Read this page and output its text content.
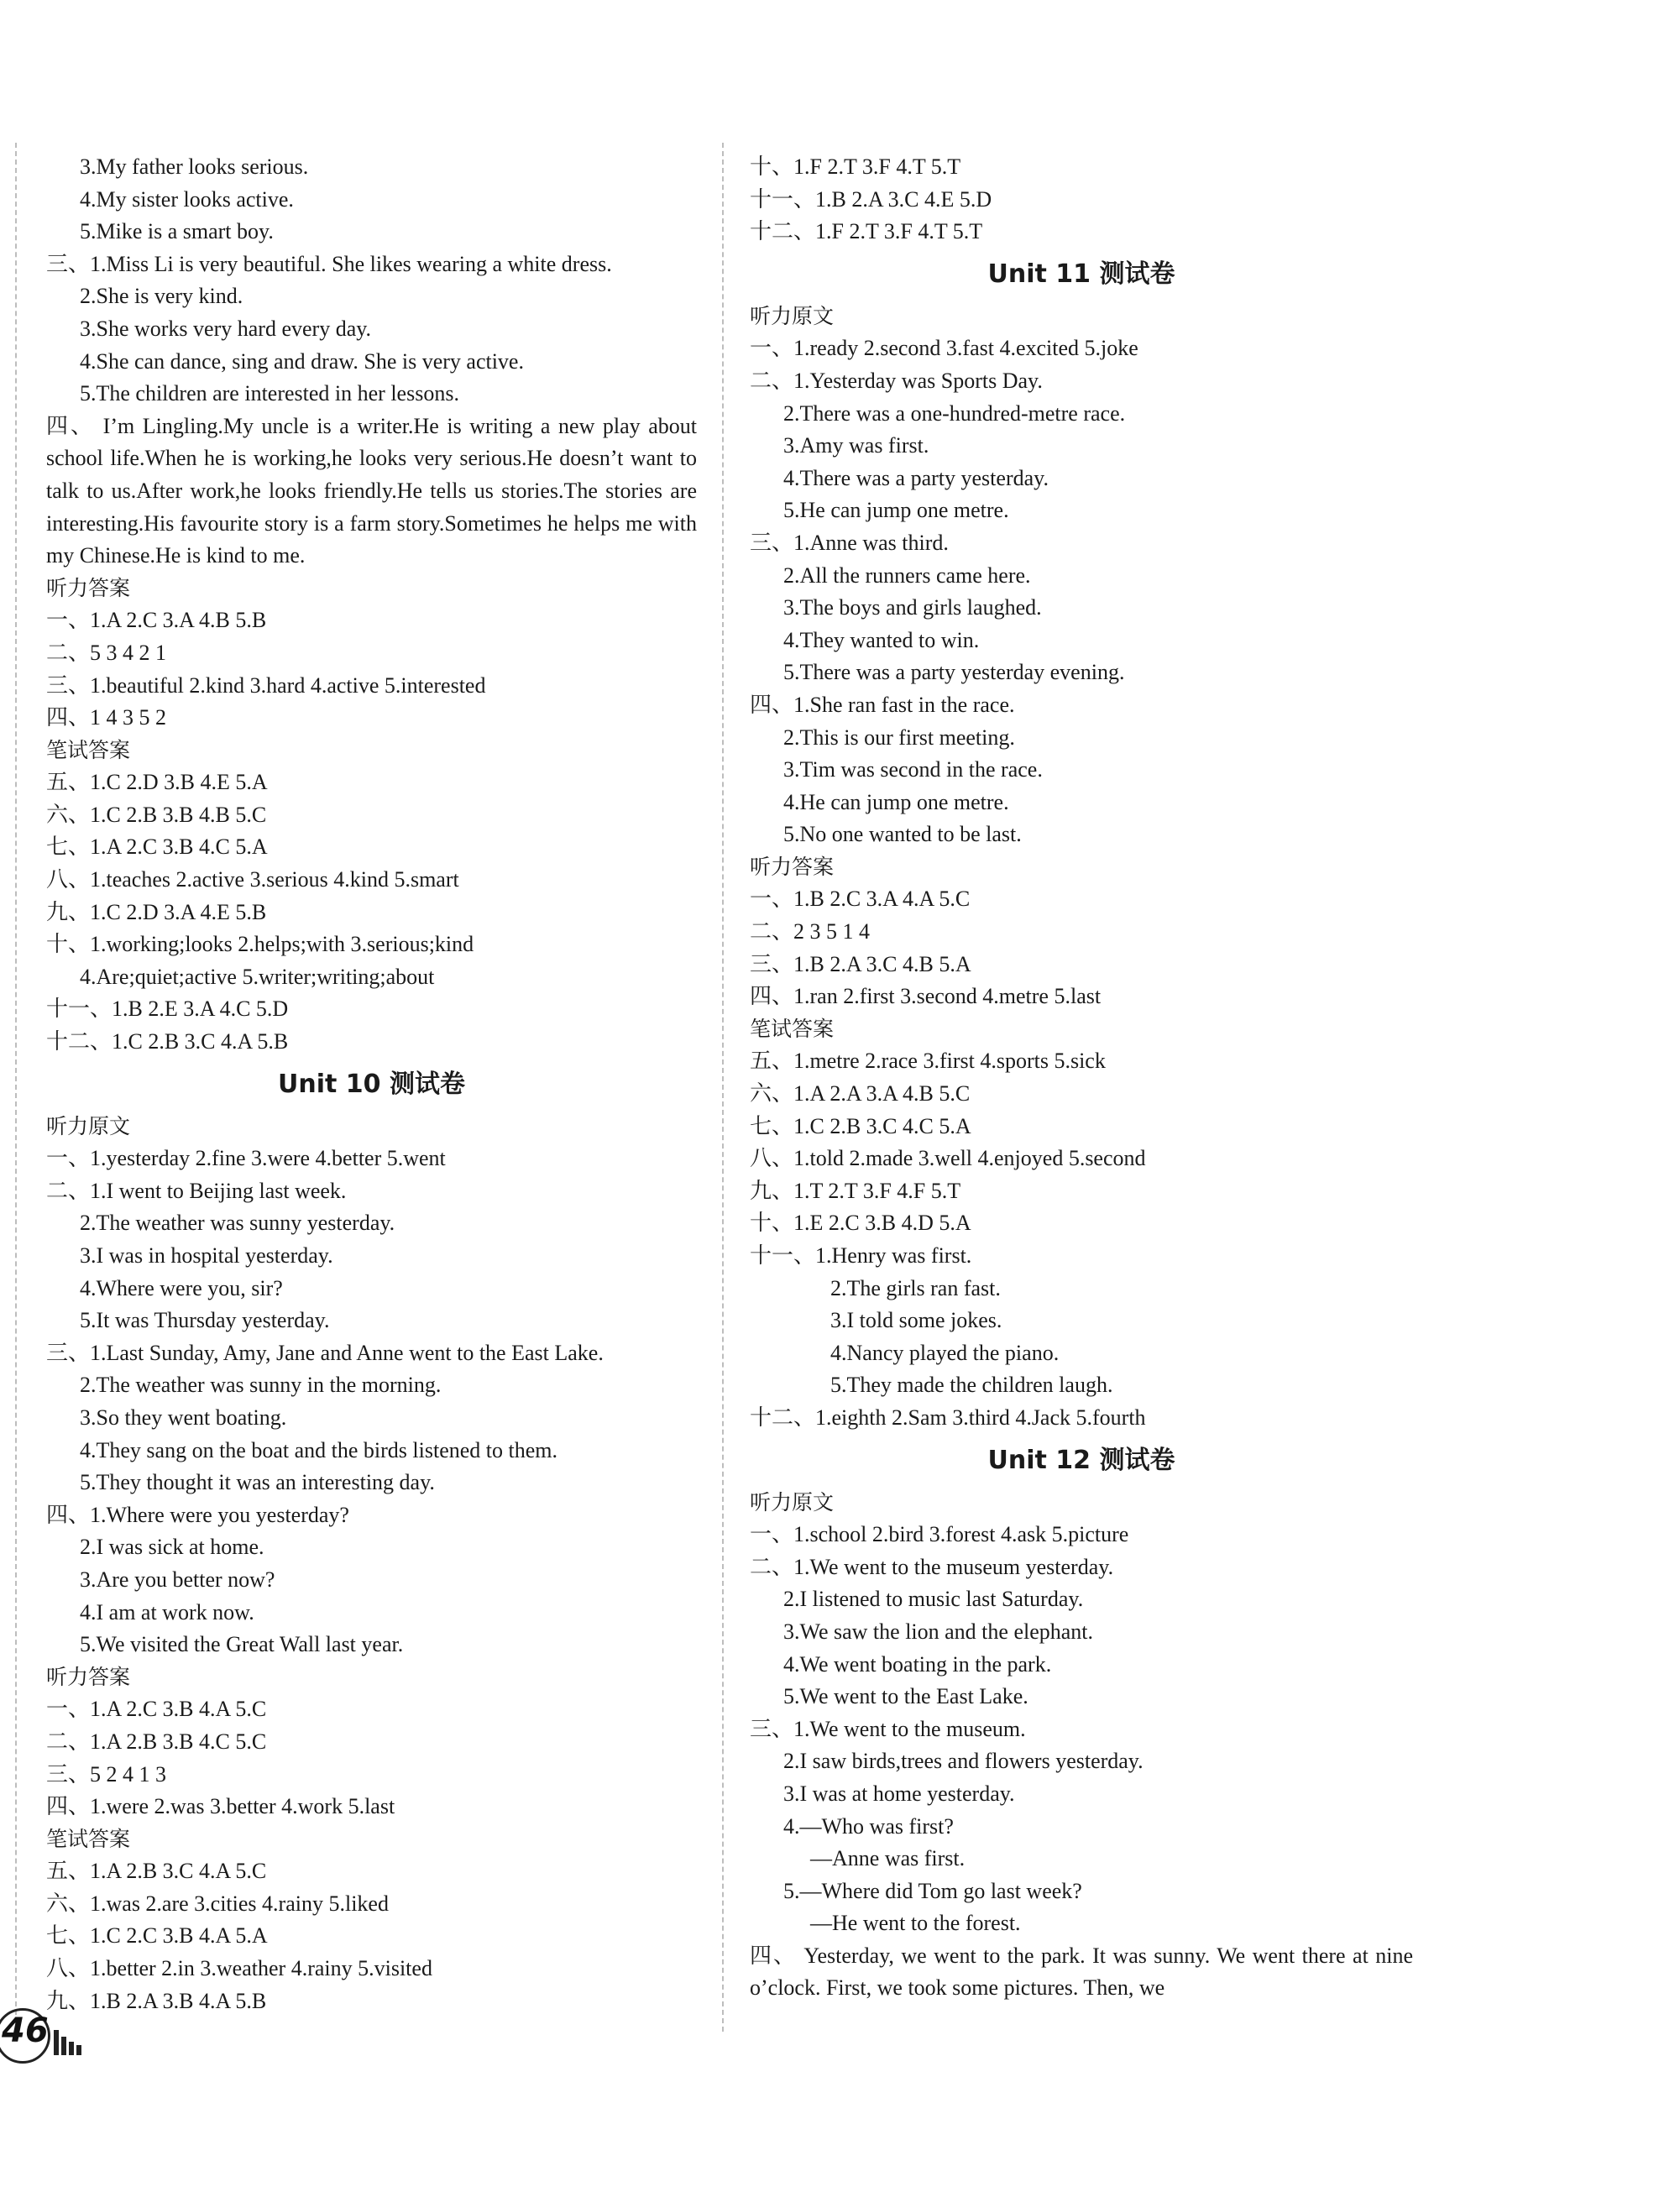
3.My father looks serious.
4.My sister looks active.
5.Mike is a smart boy.
三、1.Miss Li is very beautiful. She likes wearing a white dress.
2.She is very kind.
3.She works very hard every day.
4.She can dance, sing and draw. She is very active.
5.The children are interested in her lessons.
四、 I’m Lingling.My uncle is a writer.He is writing a new play about school life.When he is working,he looks very serious.He doesn’t want to talk to us.After work,he looks friendly.He tells us stories.The stories are interesting.His favourite story is a farm story.Sometimes he helps me with my Chinese.He is kind to me.
听力答案
一、1.A 2.C 3.A 4.B 5.B
二、5 3 4 2 1
三、1.beautiful 2.kind 3.hard 4.active 5.interested
四、1 4 3 5 2
笔试答案
五、1.C 2.D 3.B 4.E 5.A
六、1.C 2.B 3.B 4.B 5.C
七、1.A 2.C 3.B 4.C 5.A
八、1.teaches 2.active 3.serious 4.kind 5.smart
九、1.C 2.D 3.A 4.E 5.B
十、1.working;looks 2.helps;with 3.serious;kind
4.Are;quiet;active 5.writer;writing;about
十一、1.B 2.E 3.A 4.C 5.D
十二、1.C 2.B 3.C 4.A 5.B
Unit 10 测试卷
听力原文
一、1.yesterday 2.fine 3.were 4.better 5.went
二、1.I went to Beijing last week.
2.The weather was sunny yesterday.
3.I was in hospital yesterday.
4.Where were you, sir?
5.It was Thursday yesterday.
三、1.Last Sunday, Amy, Jane and Anne went to the East Lake.
2.The weather was sunny in the morning.
3.So they went boating.
4.They sang on the boat and the birds listened to them.
5.They thought it was an interesting day.
四、1.Where were you yesterday?
2.I was sick at home.
3.Are you better now?
4.I am at work now.
5.We visited the Great Wall last year.
听力答案
一、1.A 2.C 3.B 4.A 5.C
二、1.A 2.B 3.B 4.C 5.C
三、5 2 4 1 3
四、1.were 2.was 3.better 4.work 5.last
笔试答案
五、1.A 2.B 3.C 4.A 5.C
六、1.was 2.are 3.cities 4.rainy 5.liked
七、1.C 2.C 3.B 4.A 5.A
八、1.better 2.in 3.weather 4.rainy 5.visited
九、1.B 2.A 3.B 4.A 5.B
十、1.F 2.T 3.F 4.T 5.T
十一、1.B 2.A 3.C 4.E 5.D
十二、1.F 2.T 3.F 4.T 5.T
Unit 11 测试卷
听力原文
一、1.ready 2.second 3.fast 4.excited 5.joke
二、1.Yesterday was Sports Day.
2.There was a one-hundred-metre race.
3.Amy was first.
4.There was a party yesterday.
5.He can jump one metre.
三、1.Anne was third.
2.All the runners came here.
3.The boys and girls laughed.
4.They wanted to win.
5.There was a party yesterday evening.
四、1.She ran fast in the race.
2.This is our first meeting.
3.Tim was second in the race.
4.He can jump one metre.
5.No one wanted to be last.
听力答案
一、1.B 2.C 3.A 4.A 5.C
二、2 3 5 1 4
三、1.B 2.A 3.C 4.B 5.A
四、1.ran 2.first 3.second 4.metre 5.last
笔试答案
五、1.metre 2.race 3.first 4.sports 5.sick
六、1.A 2.A 3.A 4.B 5.C
七、1.C 2.B 3.C 4.C 5.A
八、1.told 2.made 3.well 4.enjoyed 5.second
九、1.T 2.T 3.F 4.F 5.T
十、1.E 2.C 3.B 4.D 5.A
十一、1.Henry was first.
2.The girls ran fast.
3.I told some jokes.
4.Nancy played the piano.
5.They made the children laugh.
十二、1.eighth 2.Sam 3.third 4.Jack 5.fourth
Unit 12 测试卷
听力原文
一、1.school 2.bird 3.forest 4.ask 5.picture
二、1.We went to the museum yesterday.
2.I listened to music last Saturday.
3.We saw the lion and the elephant.
4.We went boating in the park.
5.We went to the East Lake.
三、1.We went to the museum.
2.I saw birds,trees and flowers yesterday.
3.I was at home yesterday.
4.—Who was first?
—Anne was first.
5.—Where did Tom go last week?
—He went to the forest.
四、 Yesterday, we went to the park. It was sunny. We went there at nine o’clock. First, we took some pictures. Then, we
46
